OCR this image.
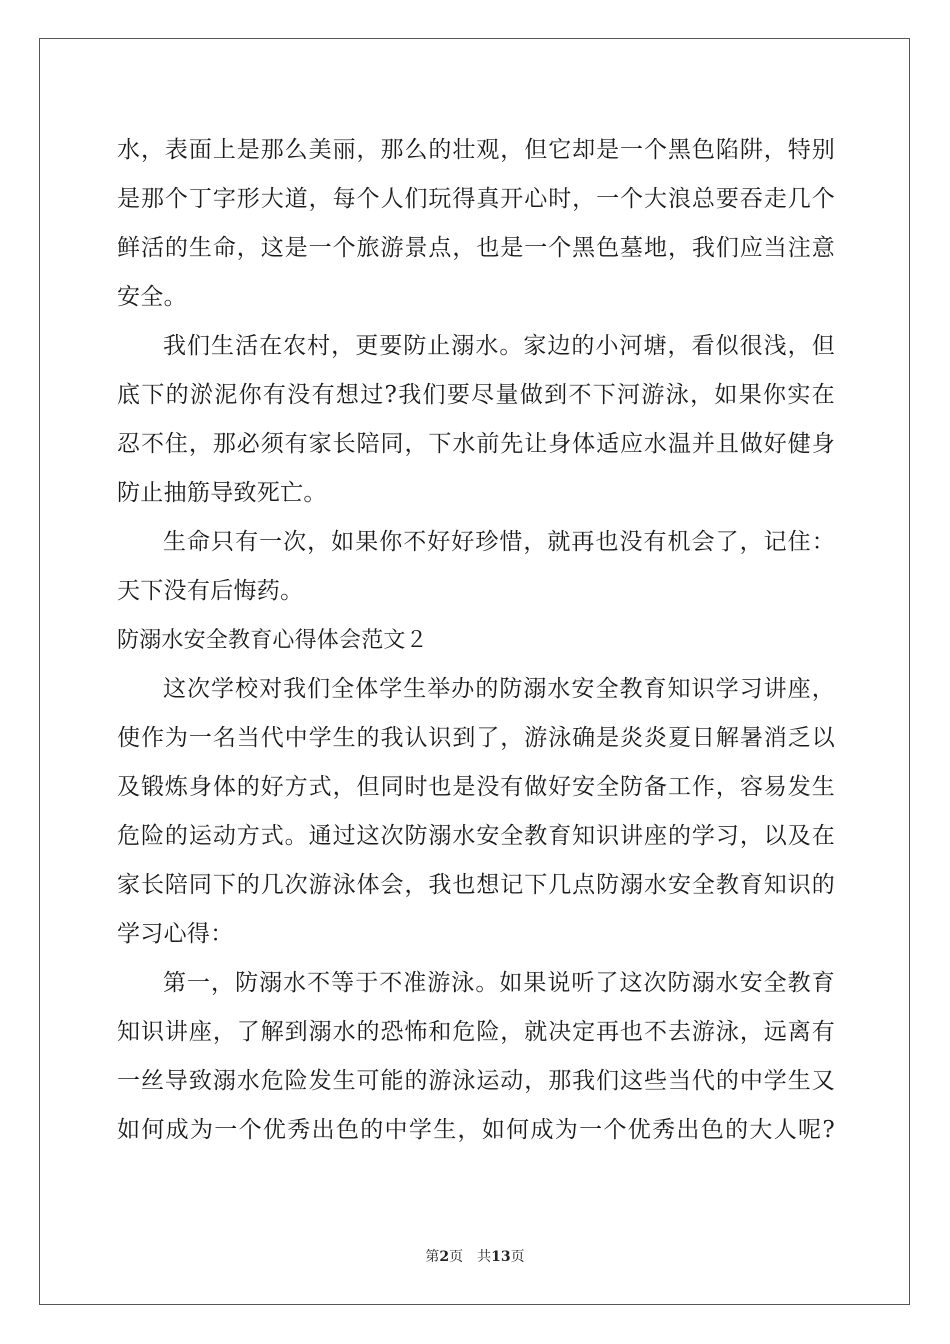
水，表面上是那么美丽，那么的壮观，但它却是一个黑色陷阱，特别
是那个丁字形大道，每个人们玩得真开心时，一个大浪总要吞走几个
鲜活的生命，这是一个旅游景点，也是一个黑色墓地，我们应当注意
安全。
我们生活在农村，更要防止溺水。家边的小河塘，看似很浅，但
底下的淤泥你有没有想过?我们要尽量做到不下河游泳，如果你实在
忍不住，那必须有家长陪同，下水前先让身体适应水温并且做好健身
防止抽筋导致死亡。
生命只有一次，如果你不好好珍惜，就再也没有机会了，记住：
天下没有后悔药。
防溺水安全教育心得体会范文２
这次学校对我们全体学生举办的防溺水安全教育知识学习讲座，
使作为一名当代中学生的我认识到了，游泳确是炎炎夏日解暑消乏以
及锻炼身体的好方式，但同时也是没有做好安全防备工作，容易发生
危险的运动方式。通过这次防溺水安全教育知识讲座的学习，以及在
家长陪同下的几次游泳体会，我也想记下几点防溺水安全教育知识的
学习心得：
第一，防溺水不等于不准游泳。如果说听了这次防溺水安全教育
知识讲座，了解到溺水的恐怖和危险，就决定再也不去游泳，远离有
一丝导致溺水危险发生可能的游泳运动，那我们这些当代的中学生又
如何成为一个优秀出色的中学生，如何成为一个优秀出色的大人呢?
第2页　共13页
